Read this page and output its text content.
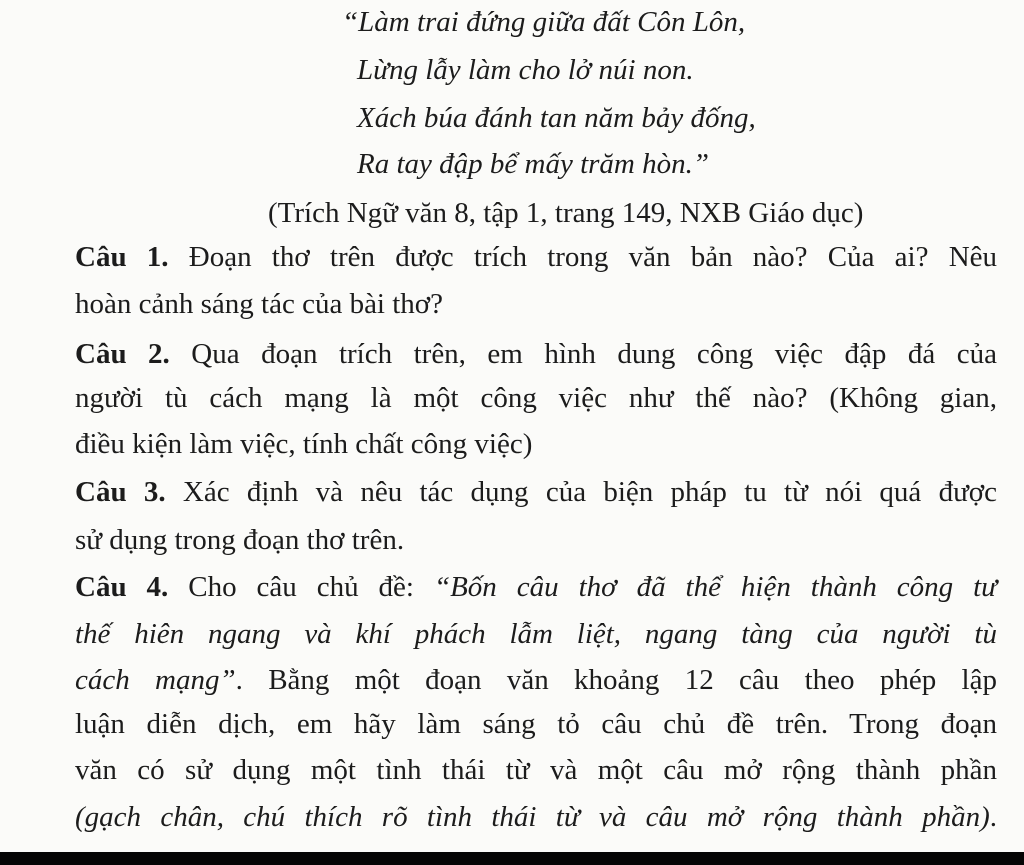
“Làm trai đứng giữa đất Côn Lôn,
Lừng lẫy làm cho lở núi non.
Xách búa đánh tan năm bảy đống,
Ra tay đập bể mấy trăm hòn.”
(Trích Ngữ văn 8, tập 1, trang 149, NXB Giáo dục)
Câu 1. Đoạn thơ trên được trích trong văn bản nào? Của ai? Nêu
hoàn cảnh sáng tác của bài thơ?
Câu 2. Qua đoạn trích trên, em hình dung công việc đập đá của
người tù cách mạng là một công việc như thế nào? (Không gian,
điều kiện làm việc, tính chất công việc)
Câu 3. Xác định và nêu tác dụng của biện pháp tu từ nói quá được
sử dụng trong đoạn thơ trên.
Câu 4. Cho câu chủ đề: “Bốn câu thơ đã thể hiện thành công tư
thế hiên ngang và khí phách lẫm liệt, ngang tàng của người tù
cách mạng”. Bằng một đoạn văn khoảng 12 câu theo phép lập
luận diễn dịch, em hãy làm sáng tỏ câu chủ đề trên. Trong đoạn
văn có sử dụng một tình thái từ và một câu mở rộng thành phần
(gạch chân, chú thích rõ tình thái từ và câu mở rộng thành phần).
